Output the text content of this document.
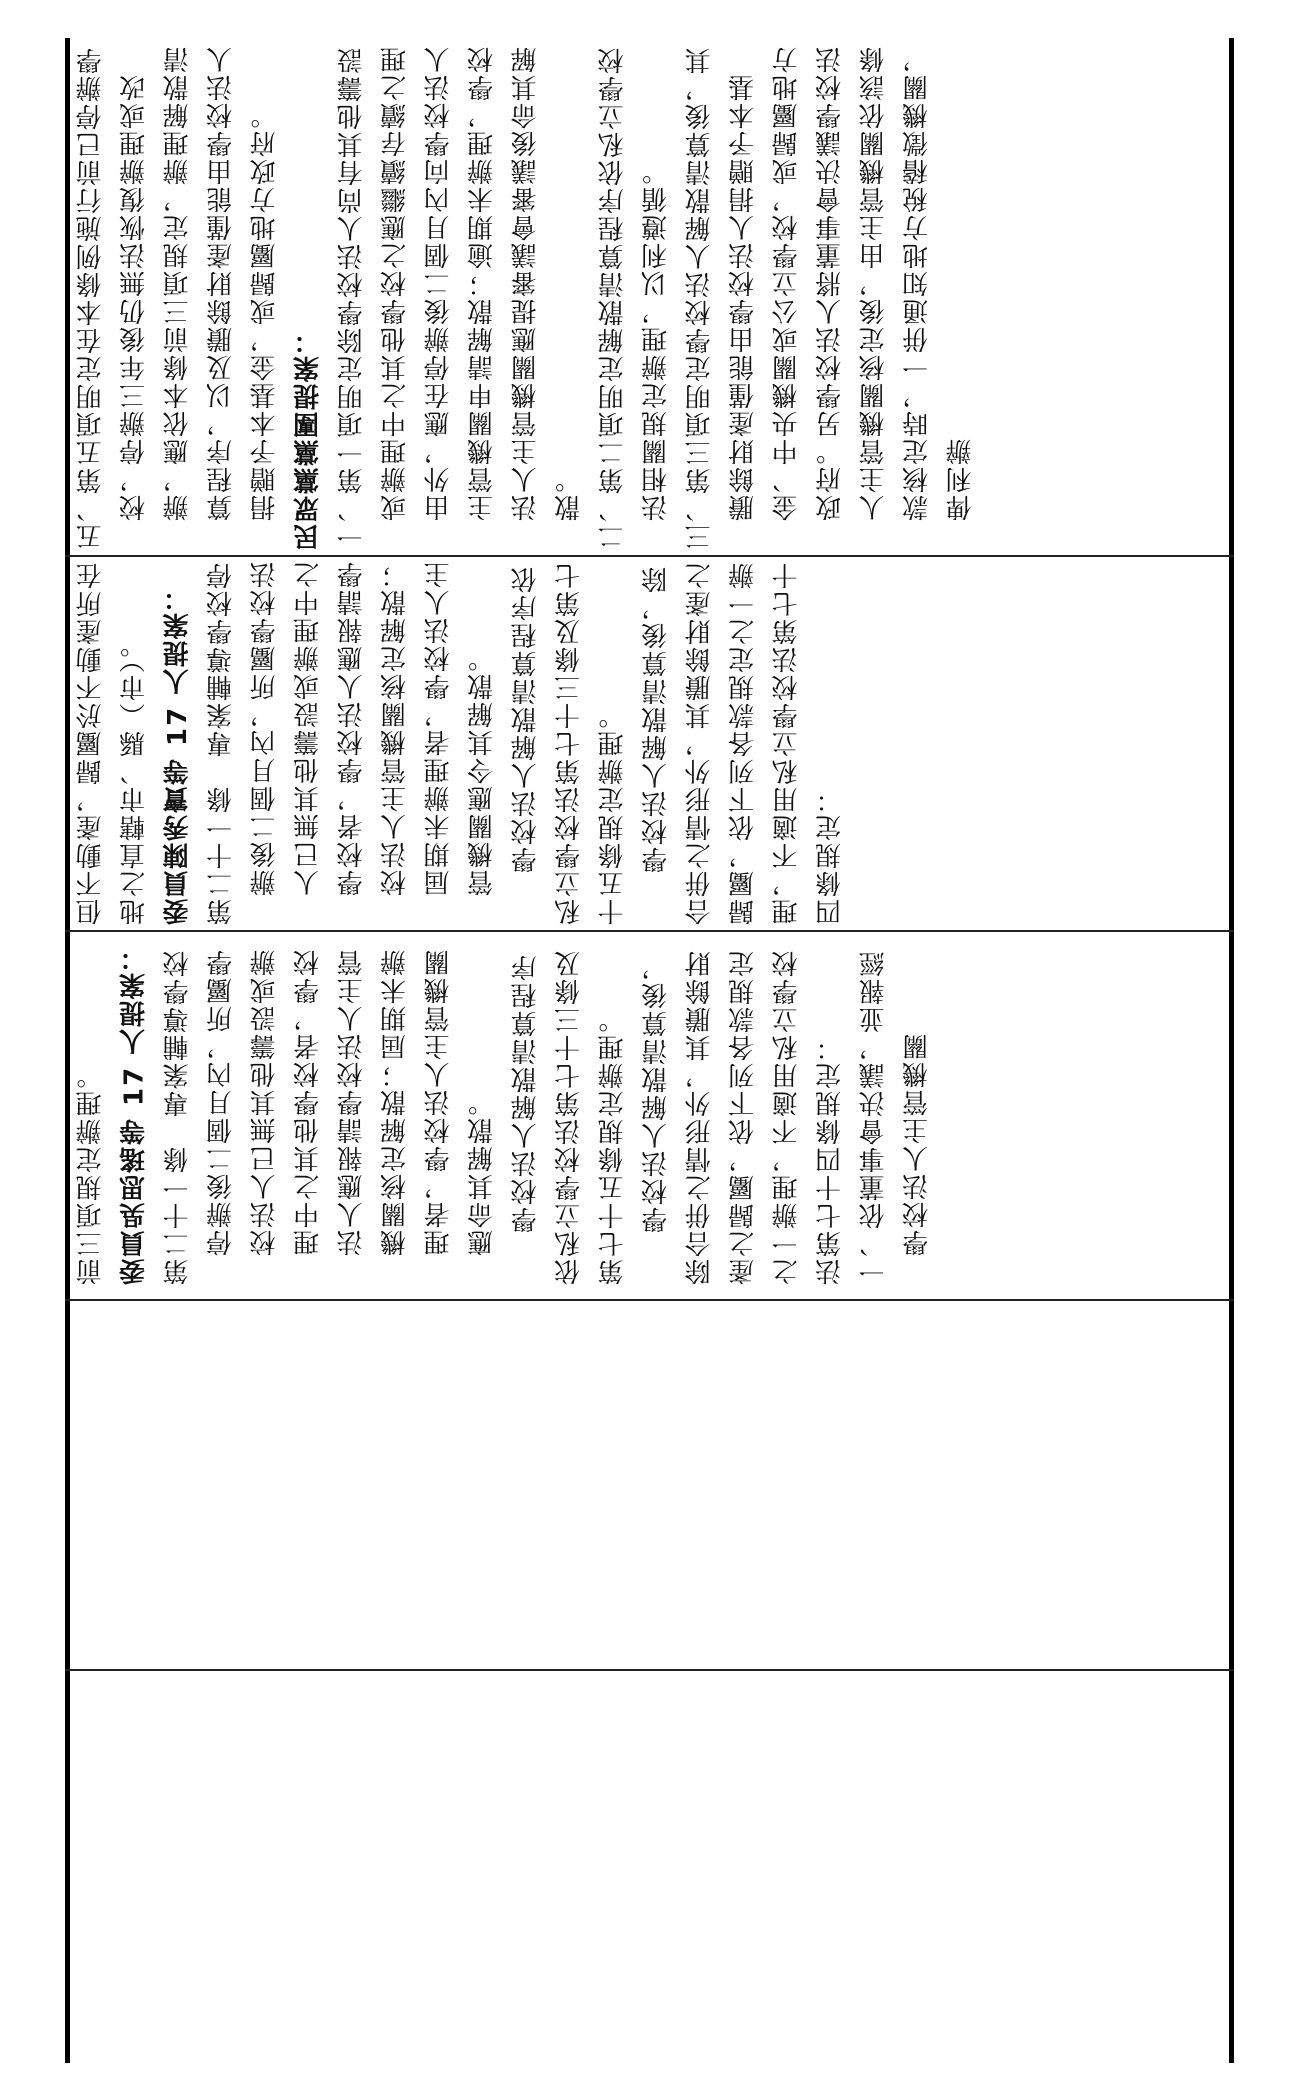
前三項規定辦理。 委員吳思瑤等 17 人提案： 第二十一條　專案輔導學校停辦後二個月內，所屬學校法人已無其他籌設或辦理中之其他學校者，學校法人應報請學校法人主管機關核定解散；屆期未辦理者，學校法人主管機關應命其解散。 學校法人解散清算程序依私立學校法第七十三條及第七十五條規定辦理。 學校法人解散清算後，除合併之情形外，其賸餘財產之歸屬，依下列各款規定之一辦理，不適用私立學校法第七十四條規定： 一、依董事會決議，並報經學校法人主管機關

但不動產，歸屬於不動產所在地之直轄市、縣（市）。 委員陳秀寶等 17 人提案： 第二十一條　專案輔導學校停辦後二個月內，所屬學校法人已無其他籌設或辦理中之學校者，學校法人應報請學校法人主管機關核定解散；屆期未辦理者，學校法人主管機關應令其解散。 學校法人解散清算程序依私立學校法第七十三條及第七十五條規定辦理。 學校法人解散清算後，除合併之情形外，其賸餘財產之歸屬，依下列各款規定之一辦理，不適用私立學校法第七十四條規定：

五、第五項明定在本條例施行前已停辦學校，停辦三年後仍無法恢復辦理或改辦，應依本條前三項規定，辦理解散清算程序，以及賸餘財產僅能由學校法人捐贈予本基金，或歸屬地方政府。 民眾黨黨團提案： 一、第一項明定除學校法人尚有其他籌設或辦理中之其他學校之應繼續存續之理由外，應在停辦後二個月內向學校法人主管機關申請解散；逾期未辦理，學校法人主管機關應提審議會審議後命其解散。 二、第二項明定解散清算程序依私立學校法相關規定辦理，以利遵循。 三、第三項明定學校法人解散清算後，其賸餘財產僅能由學校法人捐贈予本基金、中央機關或公立學校，或歸屬地方政府。另學校法人將董事會決議學校法人主管機關核定後，由主管機關依該條款核定時，一併通知地方稅稽徵機關，俾利辦
